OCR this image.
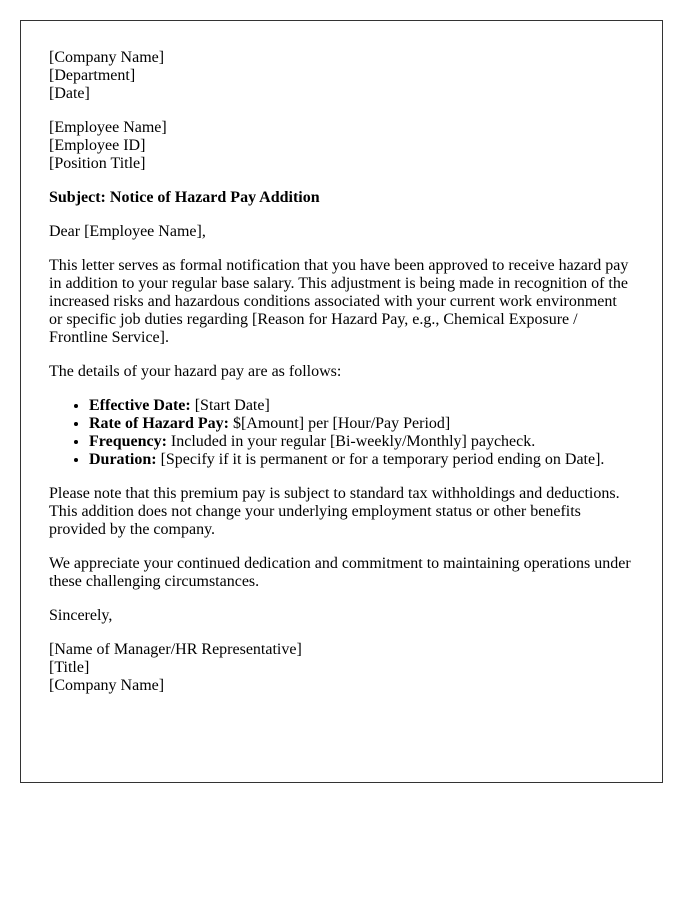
[Company Name]
[Department]
[Date]

[Employee Name]
[Employee ID]
[Position Title]

Subject: Notice of Hazard Pay Addition

Dear [Employee Name],

This letter serves as formal notification that you have been approved to receive hazard pay in addition to your regular base salary. This adjustment is being made in recognition of the increased risks and hazardous conditions associated with your current work environment or specific job duties regarding [Reason for Hazard Pay, e.g., Chemical Exposure / Frontline Service].

The details of your hazard pay are as follows:

• Effective Date: [Start Date]
• Rate of Hazard Pay: $[Amount] per [Hour/Pay Period]
• Frequency: Included in your regular [Bi-weekly/Monthly] paycheck.
• Duration: [Specify if it is permanent or for a temporary period ending on Date].

Please note that this premium pay is subject to standard tax withholdings and deductions. This addition does not change your underlying employment status or other benefits provided by the company.

We appreciate your continued dedication and commitment to maintaining operations under these challenging circumstances.

Sincerely,

[Name of Manager/HR Representative]
[Title]
[Company Name]
